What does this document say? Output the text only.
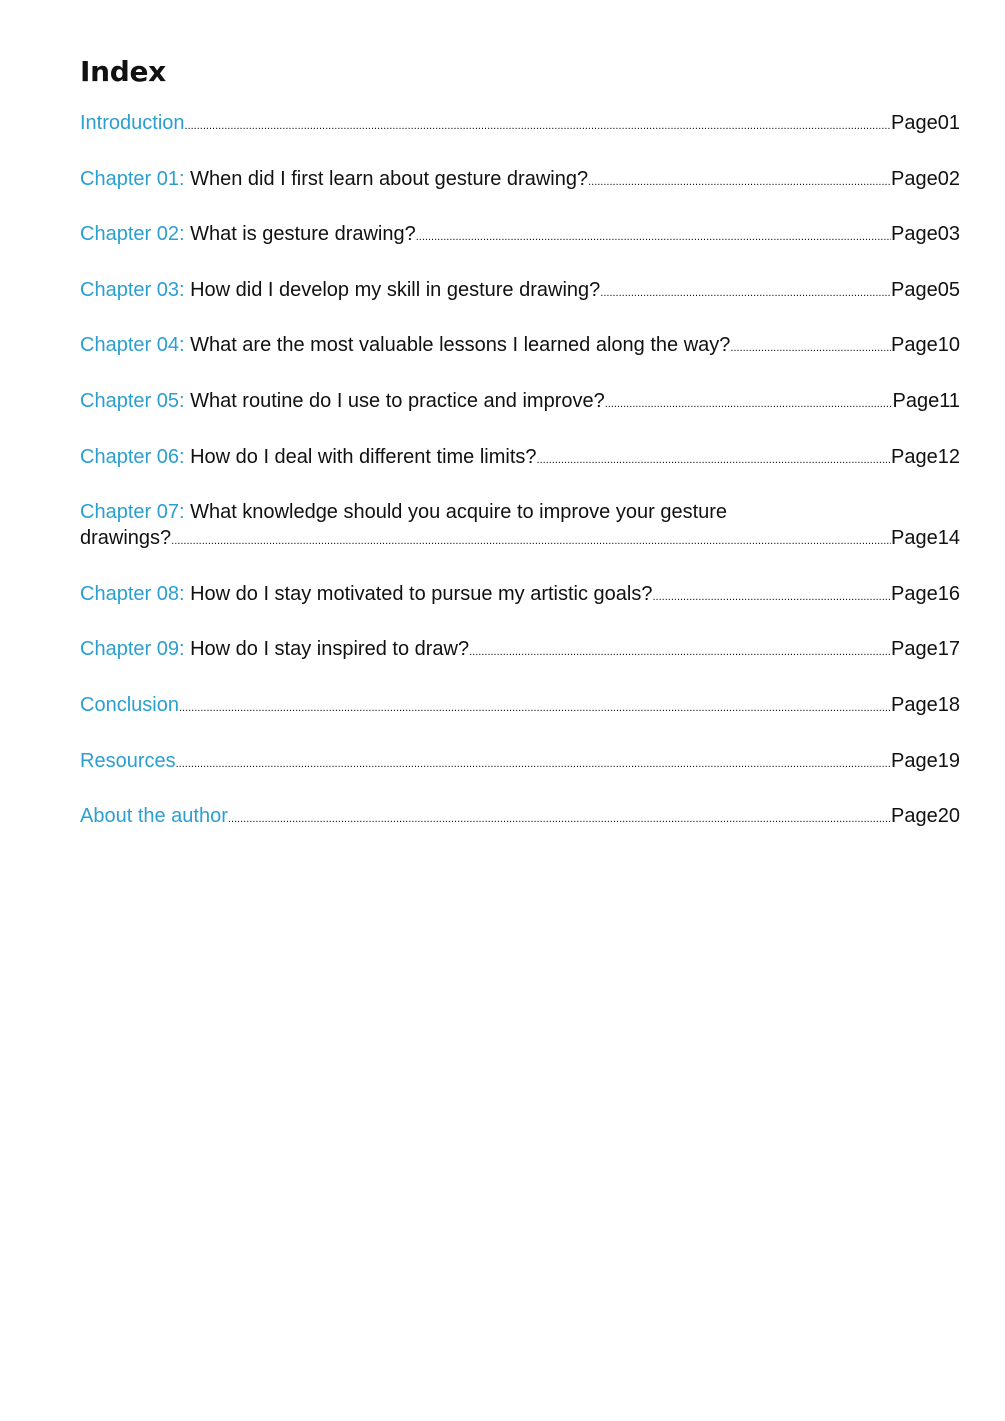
Index
Introduction .....	Page01
Chapter 01: When did I first learn about gesture drawing? .....	Page02
Chapter 02: What is gesture drawing? .....	Page03
Chapter 03: How did I develop my skill in gesture drawing? .....	Page05
Chapter 04: What are the most valuable lessons I learned along the way? .....	Page10
Chapter 05: What routine do I use to practice and improve? .....	Page11
Chapter 06: How do I deal with different time limits? .....	Page12
Chapter 07: What knowledge should you acquire to improve your gesture
drawings? .....	Page14
Chapter 08: How do I stay motivated to pursue my artistic goals? .....	Page16
Chapter 09: How do I stay inspired to draw? .....	Page17
Conclusion .....	Page18
Resources .....	Page19
About the author .....	Page20
